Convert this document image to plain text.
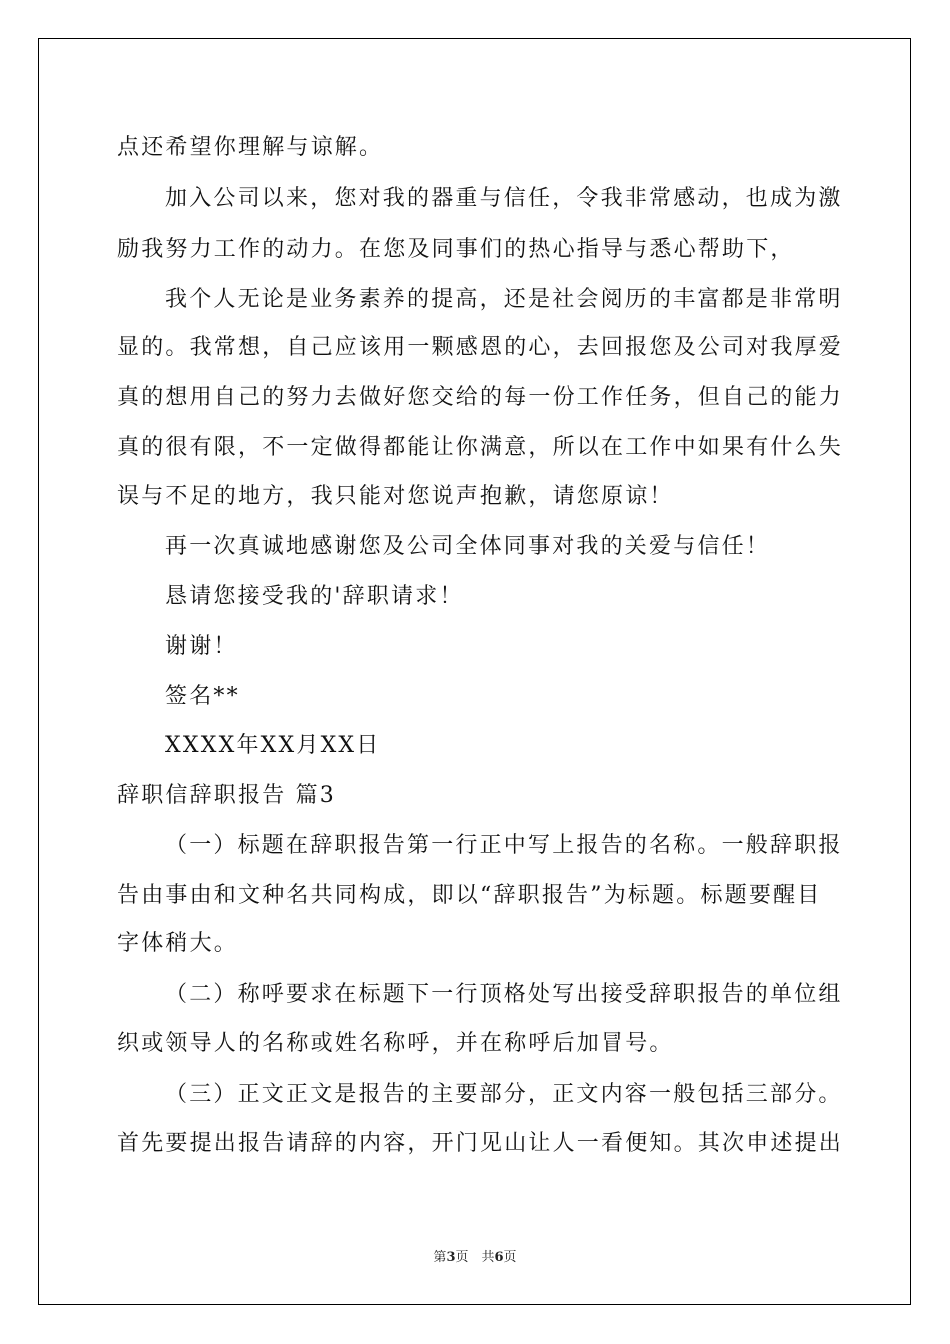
点还希望你理解与谅解。
加入公司以来，您对我的器重与信任，令我非常感动，也成为激
励我努力工作的动力。在您及同事们的热心指导与悉心帮助下，
我个人无论是业务素养的提高，还是社会阅历的丰富都是非常明
显的。我常想，自己应该用一颗感恩的心，去回报您及公司对我厚爱
真的想用自己的努力去做好您交给的每一份工作任务，但自己的能力
真的很有限，不一定做得都能让你满意，所以在工作中如果有什么失
误与不足的地方，我只能对您说声抱歉，请您原谅！
再一次真诚地感谢您及公司全体同事对我的关爱与信任！
恳请您接受我的'辞职请求！
谢谢！
签名**
XXXX年XX月XX日
辞职信辞职报告 篇3
（一）标题在辞职报告第一行正中写上报告的名称。一般辞职报
告由事由和文种名共同构成，即以“辞职报告”为标题。标题要醒目
字体稍大。
（二）称呼要求在标题下一行顶格处写出接受辞职报告的单位组
织或领导人的名称或姓名称呼，并在称呼后加冒号。
（三）正文正文是报告的主要部分，正文内容一般包括三部分。
首先要提出报告请辞的内容，开门见山让人一看便知。其次申述提出
第3页　共6页
